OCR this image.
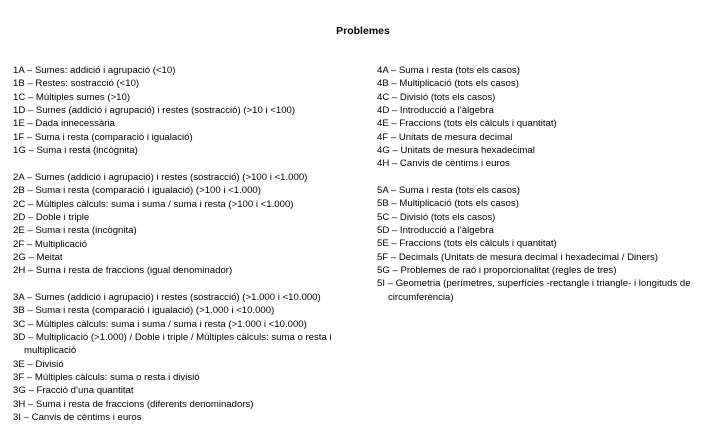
Problemes
1A – Sumes: addició i agrupació (<10)
1B – Restes: sostracció (<10)
1C – Múltiples sumes (>10)
1D – Sumes (addició i agrupació) i restes (sostracció) (>10 i <100)
1E – Dada innecessària
1F – Suma i resta (comparació i igualació)
1G – Suma i resta (incògnita)
2A – Sumes (addició i agrupació) i restes (sostracció) (>100 i <1.000)
2B – Suma i resta (comparació i igualació) (>100 i <1.000)
2C – Múltiples càlculs: suma i suma / suma i resta (>100 i <1.000)
2D – Doble i triple
2E – Suma i resta (incògnita)
2F – Multiplicació
2G – Meitat
2H – Suma i resta de fraccions (igual denominador)
3A – Sumes (addició i agrupació) i restes (sostracció) (>1.000 i <10.000)
3B – Suma i resta (comparació i igualació) (>1.000 i <10.000)
3C – Múltiples càlculs: suma i suma / suma i resta (>1.000 i <10.000)
3D – Multiplicació (>1.000) / Doble i triple / Múltiples càlculs: suma o resta i multiplicació
3E – Divisió
3F – Múltiples càlculs: suma o resta i divisió
3G – Fracció d’una quantitat
3H – Suma i resta de fraccions (diferents denominadors)
3I – Canvis de cèntims i euros
4A – Suma i resta (tots els casos)
4B – Multiplicació (tots els casos)
4C – Divisió (tots els casos)
4D – Introducció a l’àlgebra
4E – Fraccions (tots els càlculs i quantitat)
4F – Unitats de mesura decimal
4G – Unitats de mesura hexadecimal
4H – Canvis de cèntims i euros
5A – Suma i resta (tots els casos)
5B – Multiplicació (tots els casos)
5C – Divisió (tots els casos)
5D – Introducció a l’àlgebra
5E – Fraccions (tots els càlculs i quantitat)
5F – Decimals (Unitats de mesura decimal i hexadecimal / Diners)
5G – Problemes de raó i proporcionalitat (regles de tres)
5I – Geometria (perímetres, superfícies -rectangle i triangle- i longituds de circumferència)
